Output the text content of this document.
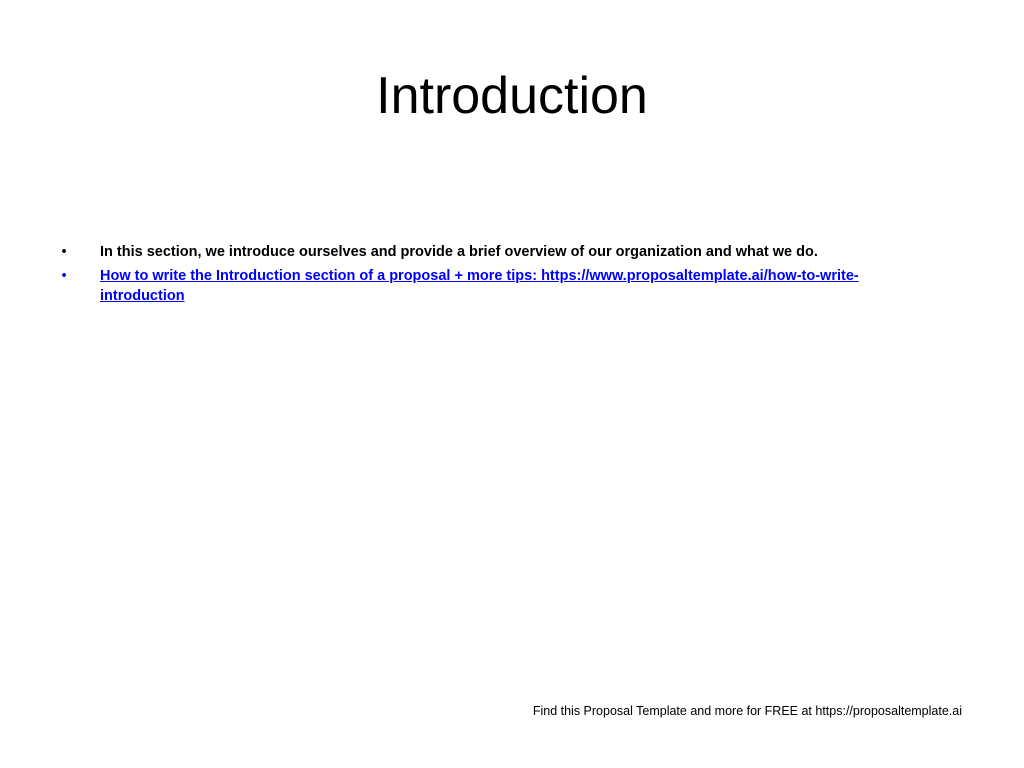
Introduction
• In this section, we introduce ourselves and provide a brief overview of our organization and what we do.
• How to write the Introduction section of a proposal + more tips: https://www.proposaltemplate.ai/how-to-write-introduction
Find this Proposal Template and more for FREE at https://proposaltemplate.ai
